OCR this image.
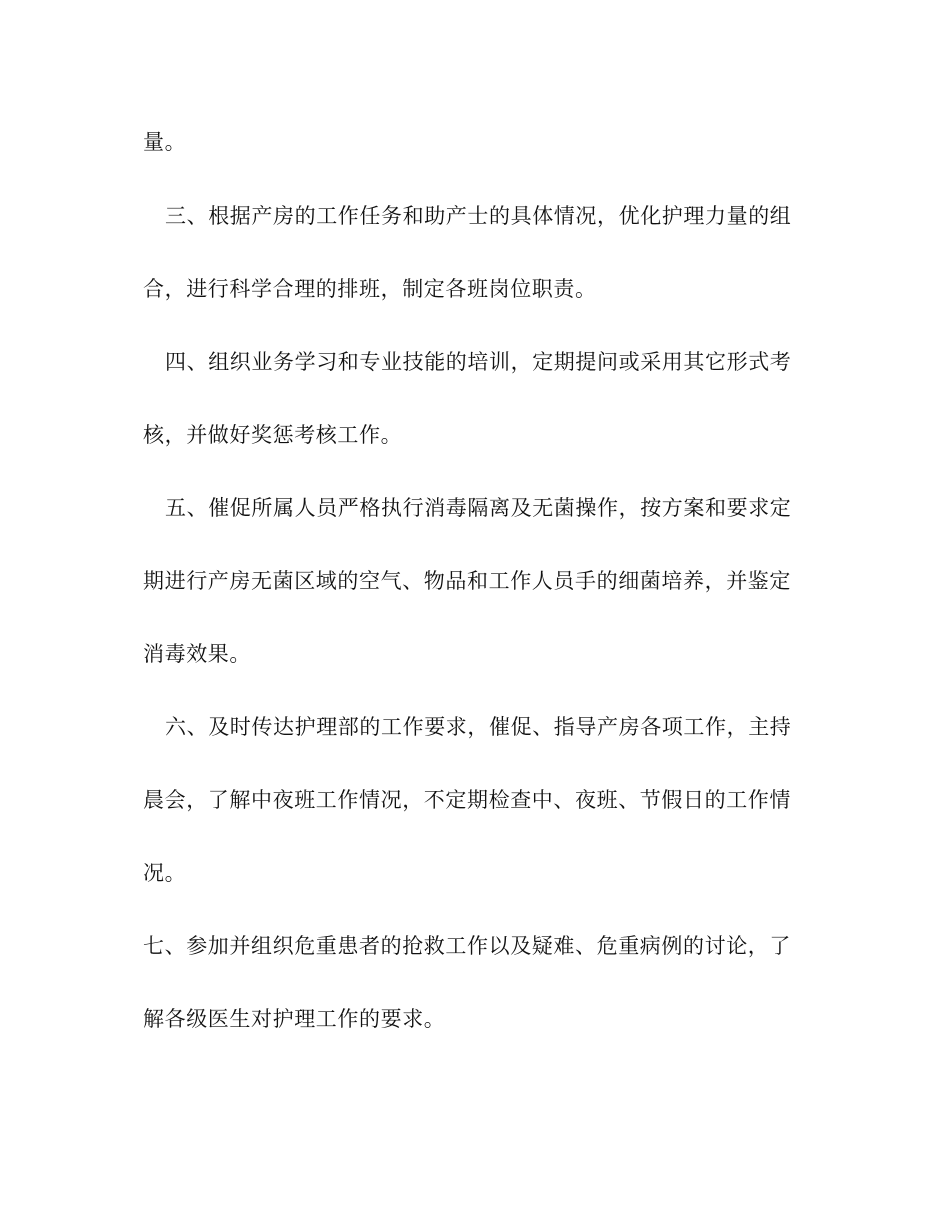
量。
三、根据产房的工作任务和助产士的具体情况，优化护理力量的组
合，进行科学合理的排班，制定各班岗位职责。
四、组织业务学习和专业技能的培训，定期提问或采用其它形式考
核，并做好奖惩考核工作。
五、催促所属人员严格执行消毒隔离及无菌操作，按方案和要求定
期进行产房无菌区域的空气、物品和工作人员手的细菌培养，并鉴定
消毒效果。
六、及时传达护理部的工作要求，催促、指导产房各项工作，主持
晨会，了解中夜班工作情况，不定期检查中、夜班、节假日的工作情
况。
七、参加并组织危重患者的抢救工作以及疑难、危重病例的讨论，了
解各级医生对护理工作的要求。
